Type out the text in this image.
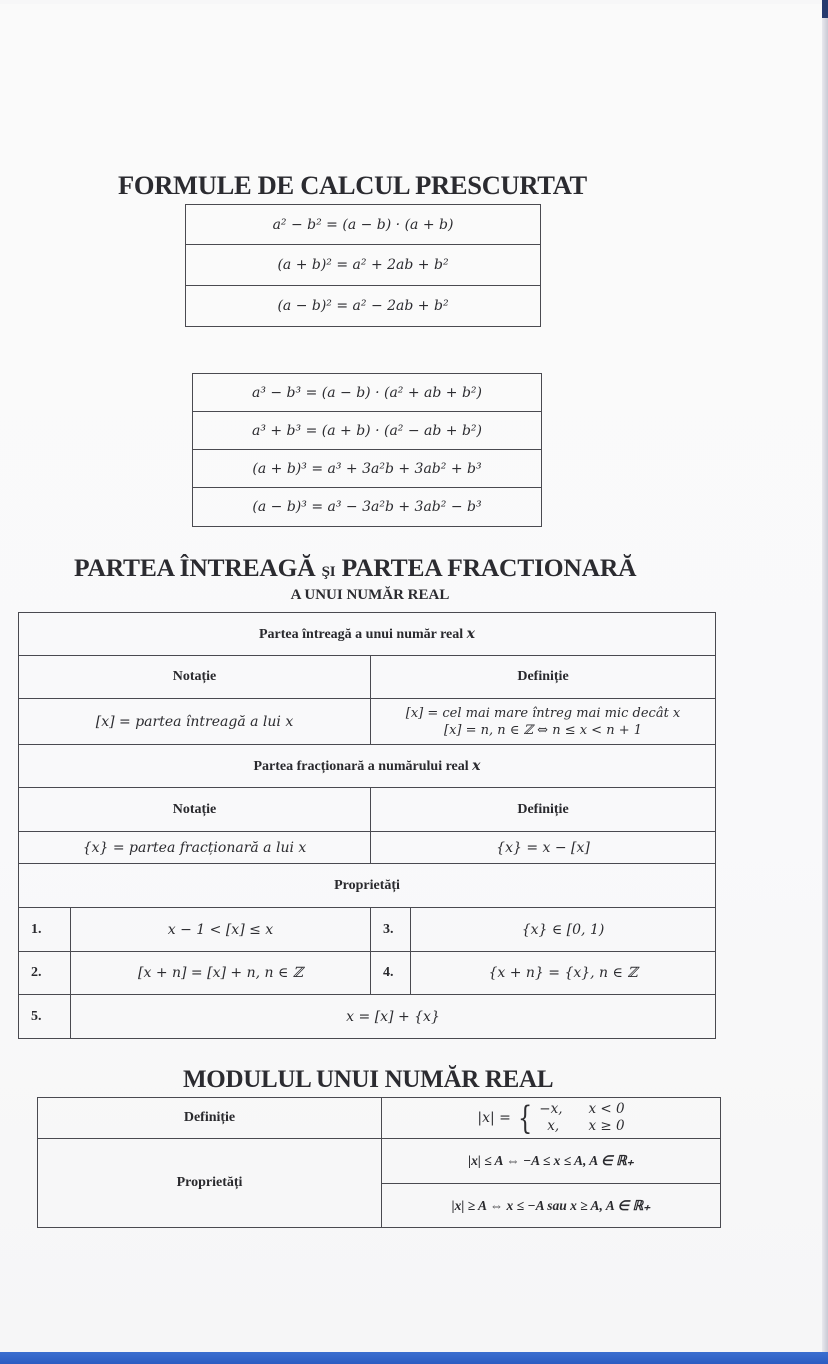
FORMULE DE CALCUL PRESCURTAT
a² − b² = (a − b) · (a + b)
(a + b)² = a² + 2ab + b²
(a − b)² = a² − 2ab + b²
a³ − b³ = (a − b) · (a² + ab + b²)
a³ + b³ = (a + b) · (a² − ab + b²)
(a + b)³ = a³ + 3a²b + 3ab² + b³
(a − b)³ = a³ − 3a²b + 3ab² − b³
PARTEA ÎNTREAGĂ ŞI PARTEA FRACTIONARĂ
A UNUI NUMĂR REAL
Partea întreagă a unui număr real x			
Notație		Definiție	
[x] = partea întreagă a lui x		[x] = cel mai mare întreg mai mic decât x
[x] = n, n ∈ ℤ ⇔ n ≤ x < n + 1	

Partea fracționară a numărului real x			
Notație		Definiție	
{x} = partea fracționară a lui x		{x} = x − [x]	
Proprietăți			
1.	x − 1 < [x] ≤ x	3.	{x} ∈ [0, 1)
2.	[x + n] = [x] + n, n ∈ ℤ	4.	{x + n} = {x}, n ∈ ℤ
5.	x = [x] + {x}		
MODULUL UNUI NUMĂR REAL
Definiție	|x| = { −x, x < 0
x, x ≥ 0

Proprietăți	|x| ≤ A ⇔ −A ≤ x ≤ A, A ∈ ℝ₊
	|x| ≥ A ⇔ x ≤ −A sau x ≥ A, A ∈ ℝ₊
